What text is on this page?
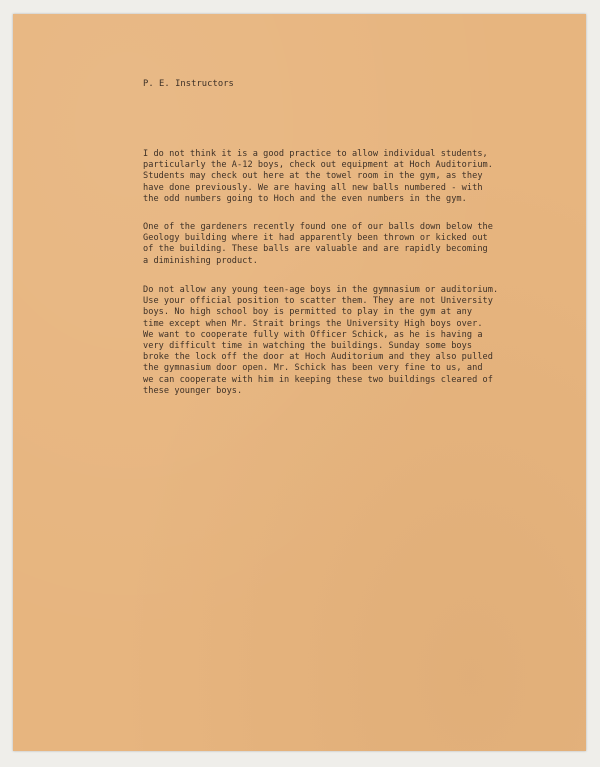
P. E. Instructors
I do not think it is a good practice to allow individual students,
particularly the A-12 boys, check out equipment at Hoch Auditorium.
Students may check out here at the towel room in the gym, as they
have done previously. We are having all new balls numbered - with
the odd numbers going to Hoch and the even numbers in the gym.
One of the gardeners recently found one of our balls down below the
Geology building where it had apparently been thrown or kicked out
of the building. These balls are valuable and are rapidly becoming
a diminishing product.
Do not allow any young teen-age boys in the gymnasium or auditorium.
Use your official position to scatter them. They are not University
boys. No high school boy is permitted to play in the gym at any
time except when Mr. Strait brings the University High boys over.
We want to cooperate fully with Officer Schick, as he is having a
very difficult time in watching the buildings. Sunday some boys
broke the lock off the door at Hoch Auditorium and they also pulled
the gymnasium door open. Mr. Schick has been very fine to us, and
we can cooperate with him in keeping these two buildings cleared of
these younger boys.
